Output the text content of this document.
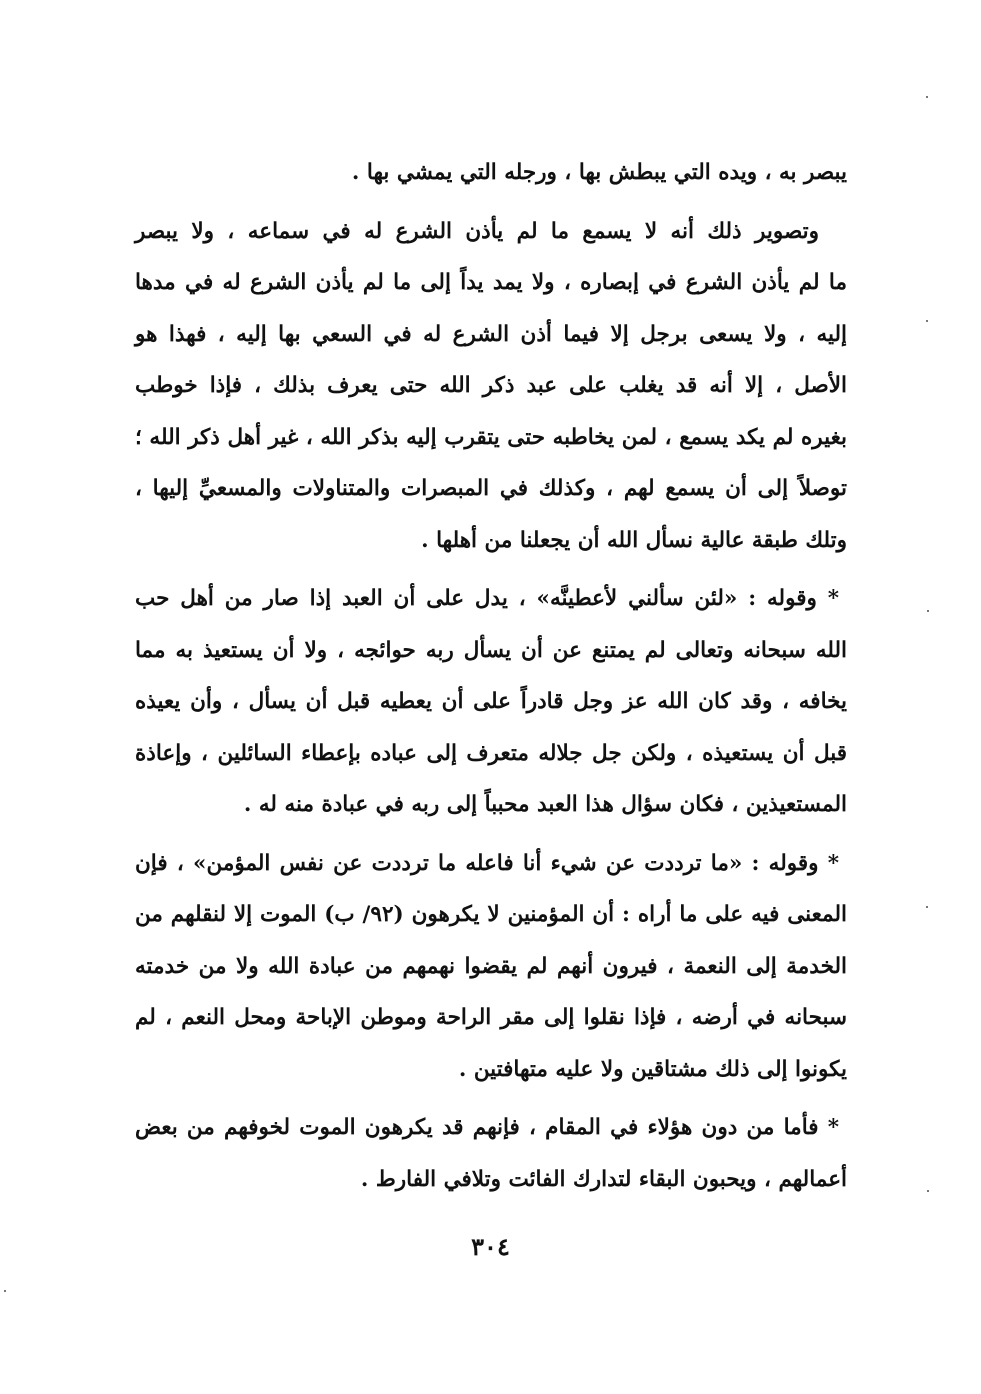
يبصر به ، ويده التي يبطش بها ، ورجله التي يمشي بها .

وتصوير ذلك أنه لا يسمع ما لم يأذن الشرع له في سماعه ، ولا يبصر
ما لم يأذن الشرع في إبصاره ، ولا يمد يداً إلى ما لم يأذن الشرع له في مدها
إليه ، ولا يسعى برجل إلا فيما أذن الشرع له في السعي بها إليه ، فهذا هو
الأصل ، إلا أنه قد يغلب على عبد ذكر الله حتى يعرف بذلك ، فإذا خوطب
بغيره لم يكد يسمع ، لمن يخاطبه حتى يتقرب إليه بذكر الله ، غير أهل ذكر الله ؛
توصلاً إلى أن يسمع لهم ، وكذلك في المبصرات والمتناولات والمسعيِّ إليها ،
وتلك طبقة عالية نسأل الله أن يجعلنا من أهلها .

* وقوله : «لئن سألني لأعطينَّه» ، يدل على أن العبد إذا صار من أهل حب
الله سبحانه وتعالى لم يمتنع عن أن يسأل ربه حوائجه ، ولا أن يستعيذ به مما
يخافه ، وقد كان الله عز وجل قادراً على أن يعطيه قبل أن يسأل ، وأن يعيذه
قبل أن يستعيذه ، ولكن جل جلاله متعرف إلى عباده بإعطاء السائلين ، وإعاذة
المستعيذين ، فكان سؤال هذا العبد محبباً إلى ربه في عبادة منه له .

* وقوله : «ما ترددت عن شيء أنا فاعله ما ترددت عن نفس المؤمن» ، فإن
المعنى فيه على ما أراه : أن المؤمنين لا يكرهون (٩٢/ ب) الموت إلا لنقلهم من
الخدمة إلى النعمة ، فيرون أنهم لم يقضوا نهمهم من عبادة الله ولا من خدمته
سبحانه في أرضه ، فإذا نقلوا إلى مقر الراحة وموطن الإباحة ومحل النعم ، لم
يكونوا إلى ذلك مشتاقين ولا عليه متهافتين .

* فأما من دون هؤلاء في المقام ، فإنهم قد يكرهون الموت لخوفهم من بعض
أعمالهم ، ويحبون البقاء لتدارك الفائت وتلافي الفارط .

٣٠٤
